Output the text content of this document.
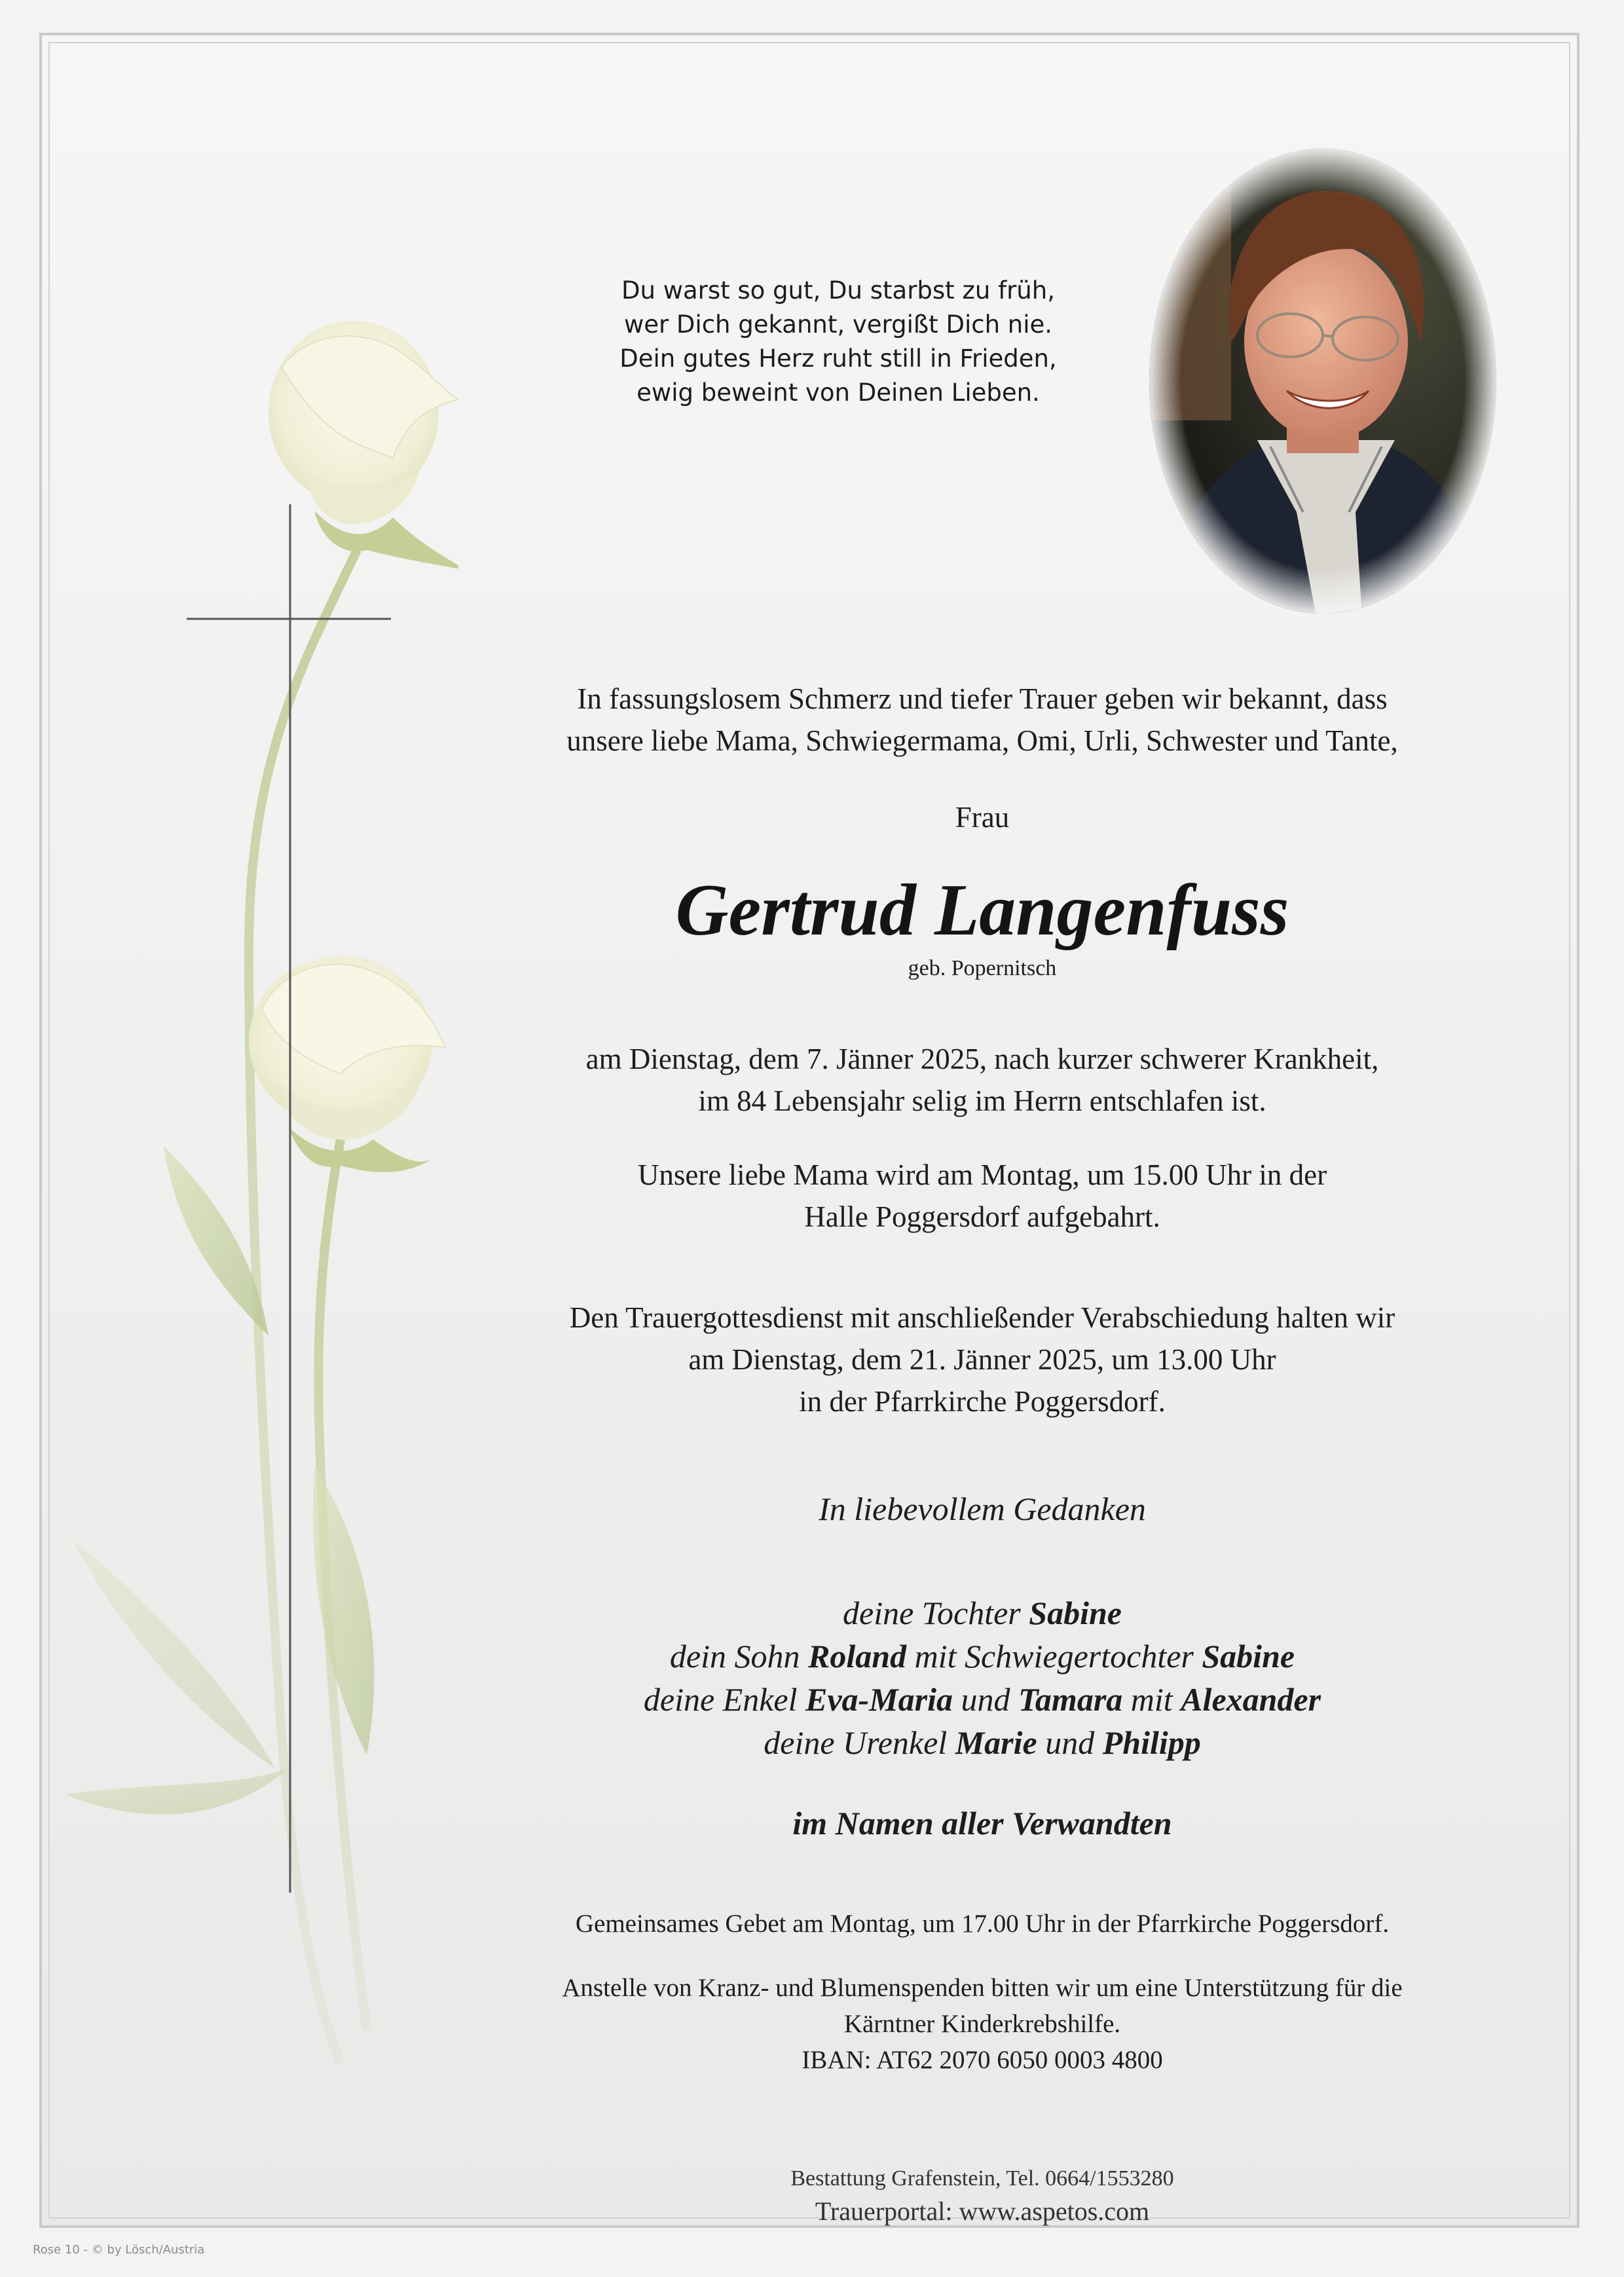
Du warst so gut, Du starbst zu früh,
wer Dich gekannt, vergißt Dich nie.
Dein gutes Herz ruht still in Frieden,
ewig beweint von Deinen Lieben.
In fassungslosem Schmerz und tiefer Trauer geben wir bekannt, dass
unsere liebe Mama, Schwiegermama, Omi, Urli, Schwester und Tante,
Frau
Gertrud Langenfuss
geb. Popernitsch
am Dienstag, dem 7. Jänner 2025, nach kurzer schwerer Krankheit,
im 84 Lebensjahr selig im Herrn entschlafen ist.
Unsere liebe Mama wird am Montag, um 15.00 Uhr in der
Halle Poggersdorf aufgebahrt.
Den Trauergottesdienst mit anschließender Verabschiedung halten wir
am Dienstag, dem 21. Jänner 2025, um 13.00 Uhr
in der Pfarrkirche Poggersdorf.
In liebevollem Gedanken
deine Tochter Sabine
dein Sohn Roland mit Schwiegertochter Sabine
deine Enkel Eva-Maria und Tamara mit Alexander
deine Urenkel Marie und Philipp
im Namen aller Verwandten
Gemeinsames Gebet am Montag, um 17.00 Uhr in der Pfarrkirche Poggersdorf.
Anstelle von Kranz- und Blumenspenden bitten wir um eine Unterstützung für die
Kärntner Kinderkrebshilfe.
IBAN: AT62 2070 6050 0003 4800
Bestattung Grafenstein, Tel. 0664/1553280
Trauerportal: www.aspetos.com
Rose 10 - © by Lösch/Austria
